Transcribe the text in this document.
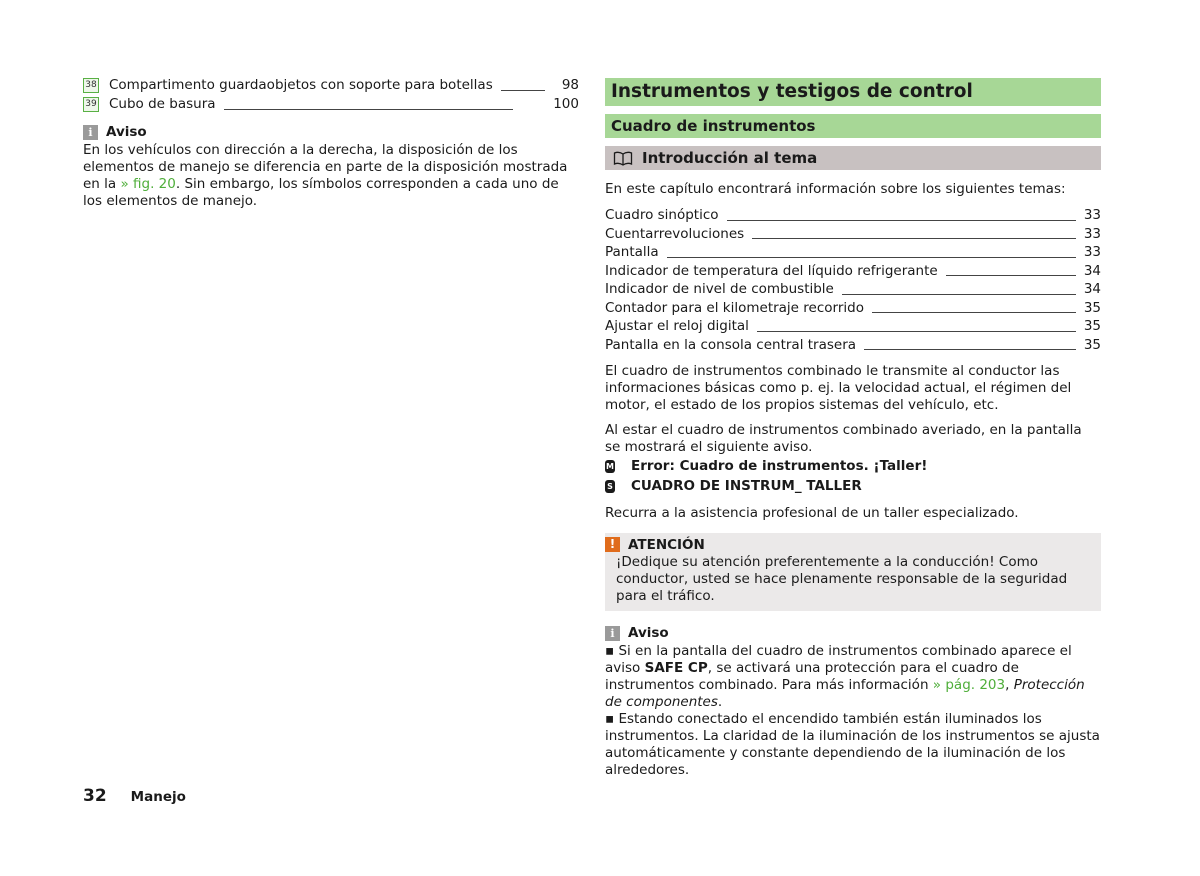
38 Compartimento guardaobjetos con soporte para botellas	98
39 Cubo de basura	100
i Aviso

En los vehículos con dirección a la derecha, la disposición de los elementos de manejo se diferencia en parte de la disposición mostrada en la » fig. 20. Sin embargo, los símbolos corresponden a cada uno de los elementos de manejo.

Instrumentos y testigos de control
Cuadro de instrumentos
Introducción al tema

En este capítulo encontrará información sobre los siguientes temas:

Cuadro sinóptico	33
Cuentarrevoluciones	33
Pantalla	33
Indicador de temperatura del líquido refrigerante	34
Indicador de nivel de combustible	34
Contador para el kilometraje recorrido	35
Ajustar el reloj digital	35
Pantalla en la consola central trasera	35

El cuadro de instrumentos combinado le transmite al conductor las informaciones básicas como p. ej. la velocidad actual, el régimen del motor, el estado de los propios sistemas del vehículo, etc.

Al estar el cuadro de instrumentos combinado averiado, en la pantalla se mostrará el siguiente aviso.

M Error: Cuadro de instrumentos. ¡Taller!
S CUADRO DE INSTRUM_ TALLER

Recurra a la asistencia profesional de un taller especializado.

! ATENCIÓN

¡Dedique su atención preferentemente a la conducción! Como conductor, usted se hace plenamente responsable de la seguridad para el tráfico.

i Aviso

▪ Si en la pantalla del cuadro de instrumentos combinado aparece el aviso SAFE CP, se activará una protección para el cuadro de instrumentos combinado. Para más información » pág. 203, Protección de componentes.

▪ Estando conectado el encendido también están iluminados los instrumentos. La claridad de la iluminación de los instrumentos se ajusta automáticamente y constante dependiendo de la iluminación de los alrededores.

32 Manejo
